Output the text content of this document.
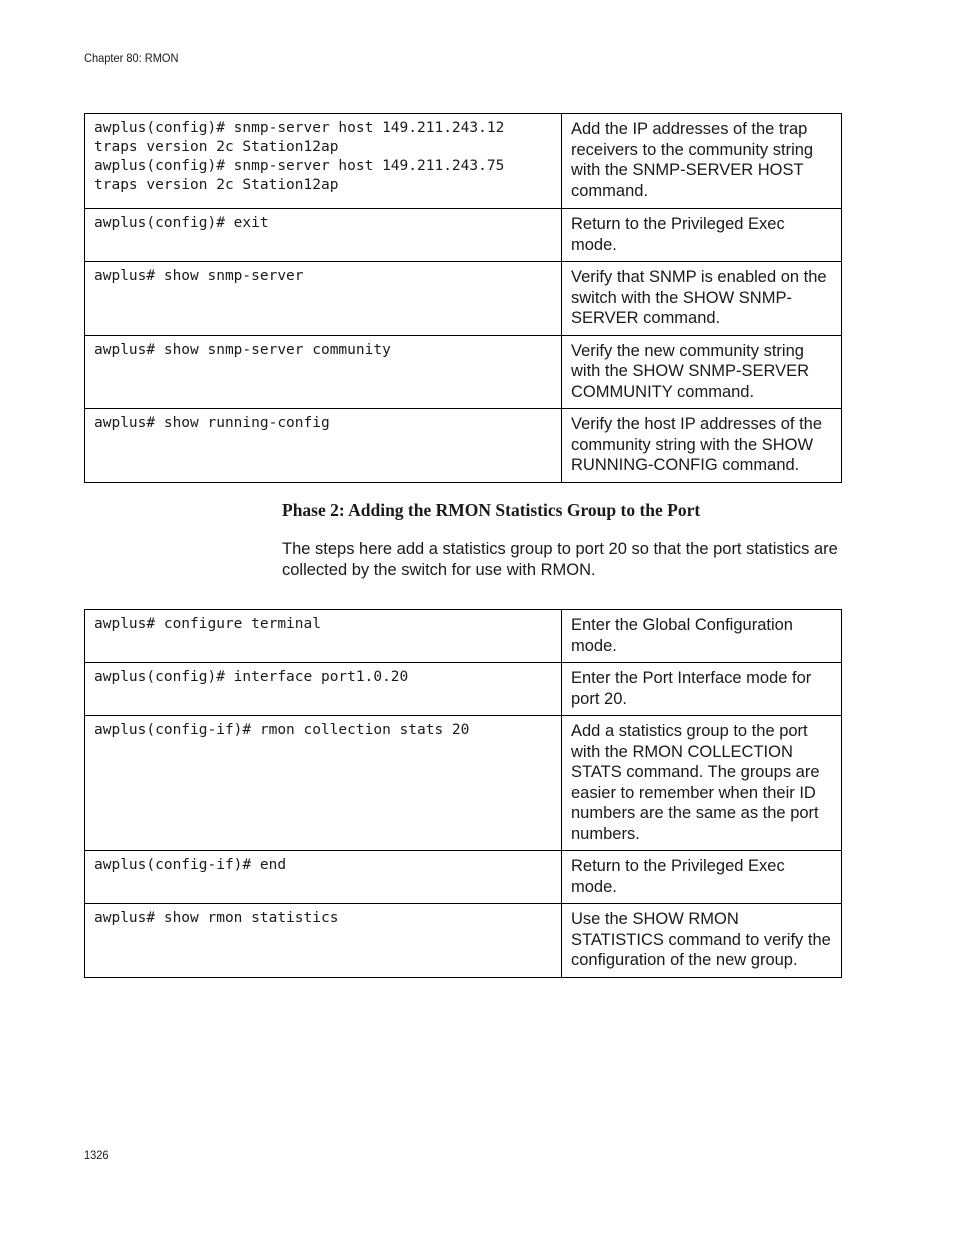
Chapter 80: RMON
awplus(config)# snmp-server host 149.211.243.12
traps version 2c Station12ap
awplus(config)# snmp-server host 149.211.243.75
traps version 2c Station12ap	Add the IP addresses of the trap receivers to the community string with the SNMP-SERVER HOST command.
awplus(config)# exit	Return to the Privileged Exec mode.
awplus# show snmp-server	Verify that SNMP is enabled on the switch with the SHOW SNMP-SERVER command.
awplus# show snmp-server community	Verify the new community string with the SHOW SNMP-SERVER COMMUNITY command.
awplus# show running-config	Verify the host IP addresses of the community string with the SHOW RUNNING-CONFIG command.
Phase 2: Adding the RMON Statistics Group to the Port
The steps here add a statistics group to port 20 so that the port statistics are collected by the switch for use with RMON.
awplus# configure terminal	Enter the Global Configuration mode.
awplus(config)# interface port1.0.20	Enter the Port Interface mode for port 20.
awplus(config-if)# rmon collection stats 20	Add a statistics group to the port with the RMON COLLECTION STATS command. The groups are easier to remember when their ID numbers are the same as the port numbers.
awplus(config-if)# end	Return to the Privileged Exec mode.
awplus# show rmon statistics	Use the SHOW RMON STATISTICS command to verify the configuration of the new group.
1326
